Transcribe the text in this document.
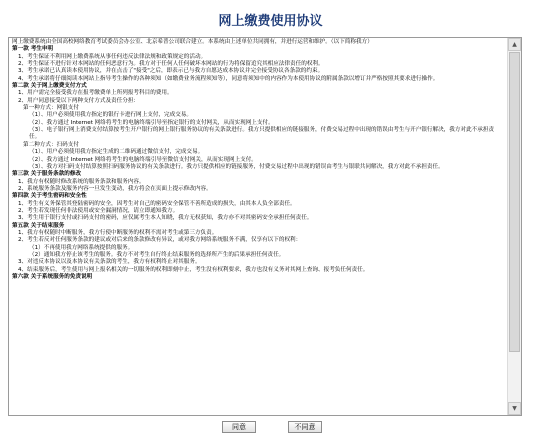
网上缴费使用协议

网上缴费系统由全国高校网络教育考试委员会办公室、北京希普公司联合建立。本系统由上述单位共同拥有，并进行运营和维护。（以下简称我方）

第一款 考生申明

1、考生保证不利用网上缴费系统从事任何违反法律法规和政策规定的活动。

2、考生保证不进行针对本网站的任何恶意行为。我方对于任何人任何破坏本网站的行为将保留追究其相应法律责任的权利。

3、考生承诺已认真读本使用协议，并在点击了"接受"之后，即表示已与我方自愿达成本协议并完全接受协议各条款的约束。

4、考生承诺将仔细阅读本网站上指导考生操作的各种须知（如缴费业务流程须知等），同意将须知中的内容作为本使用协议的附属条款以增订并严格按照其要求进行操作。

第二款 关于网上缴费支付方式

1、用户需完全接受我方在报考缴费单上所列报考科目的费用。

2、用户同意接受以下两种支付方式及责任分担：

第一种方式：网银支付

（1）、用户必须使用我方指定的银行卡进行网上支付，完成交易。

（2）、我方通过 Internet 网络将考生的电脑终端引导至指定银行的支付网关，从而实现网上支付。

（3）、电子银行网上消费支付结算按考生开户银行的网上银行服务协议的有关条款进行。我方只提供相应的链接服务，付费交易过程中出现的错误由考生与开户银行解决，我方对此不承担责任。

第二种方式：扫码支付

（1）、用户必须使用我方指定生成的二维码通过微信支付，完成交易。

（2）、我方通过 Internet 网络将考生的电脑终端引导至微信支付网关，从而实现网上支付。

（3）、我方对扫码支付结算按照扫码服务协议的有关条款进行。我方只提供相应的链接服务，付费交易过程中出现的错误由考生与银联共同解决，我方对此不承担责任。

第三款 关于服务条款的修改

1、我方有权随时修改系统的服务条款和服务内容。

2、系统服务条款及服务内容一旦发生变动，我方将会在页面上提示修改内容。

第四款 关于考生密码和安全性

1、考生有义务保管其登陆密码的安全，因考生对自己的密码安全保管不善所造成的损失，由其本人负全部责任。

2、考生若发现任何非法使用或安全漏洞情况，请立即通知我方。

3、考生用于银行支付或扫码支付的密码，应仅属考生本人知晓，我方无权获知，我方亦不对其密码安全承担任何责任。

第五款 关于结束服务

1、我方有权随时中断服务，我方行使中断服务的权利不需对考生或第三方负责。

2、考生若反对任何服务条款的建议或对后来的条款修改有异议，或对我方网络系统服务不满，仅享有以下的权利：

（1）不再使用我方网络系统提供的服务。

（2）通知我方停止该考生的服务。我方不对考生自行终止结束服务的选择所产生的后果承担任何责任。

3、对违反本协议以及本协议有关条款的考生，我方有权利终止对其服务。

4、结束服务后，考生使用与网上报名相关的一切服务的权利即刻中止，考生没有权利要求，我方也没有义务对其网上查询、报考负任何责任。

第六款 关于系统服务的免责说明

▲
▼
同意	不同意
